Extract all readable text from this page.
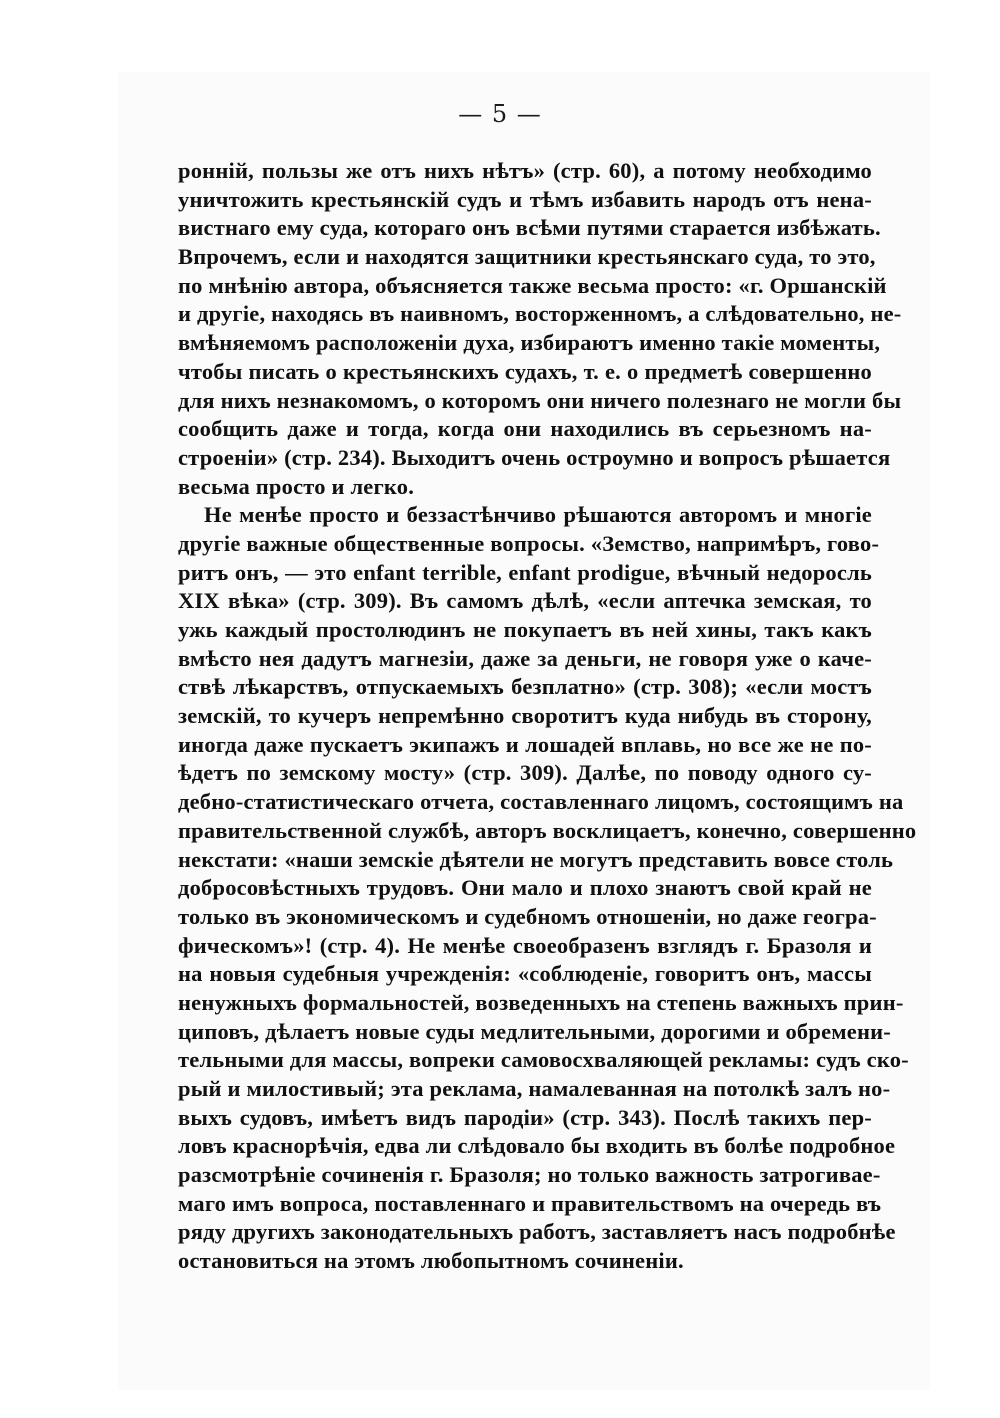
— 5 —
ронній, пользы же отъ нихъ нѣтъ» (стр. 60), а потому необходимо
уничтожить крестьянскій судъ и тѣмъ избавить народъ отъ нена-
вистнаго ему суда, котораго онъ всѣми путями старается избѣжать.
Впрочемъ, если и находятся защитники крестьянскаго суда, то это,
по мнѣнію автора, объясняется также весьма просто: «г. Оршанскій
и другіе, находясь въ наивномъ, восторженномъ, а слѣдовательно, не-
вмѣняемомъ расположеніи духа, избираютъ именно такіе моменты,
чтобы писать о крестьянскихъ судахъ, т. е. о предметѣ совершенно
для нихъ незнакомомъ, о которомъ они ничего полезнаго не могли бы
сообщить даже и тогда, когда они находились въ серьезномъ на-
строеніи» (стр. 234). Выходитъ очень остроумно и вопросъ рѣшается
весьма просто и легко.
Не менѣе просто и беззастѣнчиво рѣшаются авторомъ и многіе
другіе важные общественные вопросы. «Земство, напримѣръ, гово-
ритъ онъ, — это enfant terrible, enfant prodigue, вѣчный недоросль
XIX вѣка» (стр. 309). Въ самомъ дѣлѣ, «если аптечка земская, то
ужь каждый простолюдинъ не покупаетъ въ ней хины, такъ какъ
вмѣсто нея дадутъ магнезіи, даже за деньги, не говоря уже о каче-
ствѣ лѣкарствъ, отпускаемыхъ безплатно» (стр. 308); «если мостъ
земскій, то кучеръ непремѣнно своротитъ куда нибудь въ сторону,
иногда даже пускаетъ экипажъ и лошадей вплавь, но все же не по-
ѣдетъ по земскому мосту» (стр. 309). Далѣе, по поводу одного су-
дебно-статистическаго отчета, составленнаго лицомъ, состоящимъ на
правительственной службѣ, авторъ восклицаетъ, конечно, совершенно
некстати: «наши земскіе дѣятели не могутъ представить вовсе столь
добросовѣстныхъ трудовъ. Они мало и плохо знаютъ свой край не
только въ экономическомъ и судебномъ отношеніи, но даже геогра-
фическомъ»! (стр. 4). Не менѣе своеобразенъ взглядъ г. Бразоля и
на новыя судебныя учрежденія: «соблюденіе, говоритъ онъ, массы
ненужныхъ формальностей, возведенныхъ на степень важныхъ прин-
циповъ, дѣлаетъ новые суды медлительными, дорогими и обремени-
тельными для массы, вопреки самовосхваляющей рекламы: судъ ско-
рый и милостивый; эта реклама, намалеванная на потолкѣ залъ но-
выхъ судовъ, имѣетъ видъ пародіи» (стр. 343). Послѣ такихъ пер-
ловъ краснорѣчія, едва ли слѣдовало бы входить въ болѣе подробное
разсмотрѣніе сочиненія г. Бразоля; но только важность затрогивае-
маго имъ вопроса, поставленнаго и правительствомъ на очередь въ
ряду другихъ законодательныхъ работъ, заставляетъ насъ подробнѣе
остановиться на этомъ любопытномъ сочиненіи.
